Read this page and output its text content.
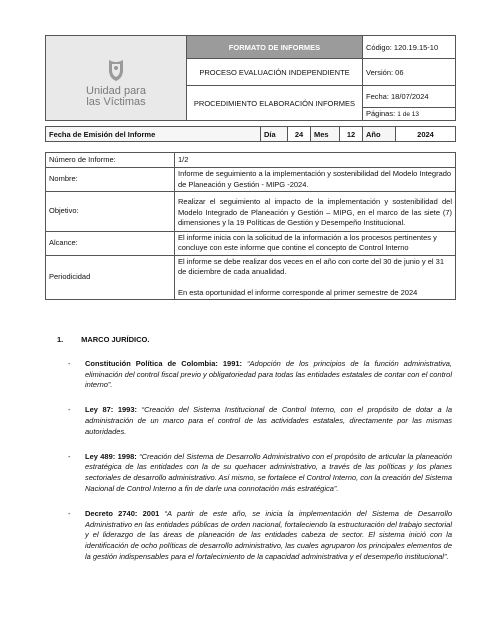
Unidad para
las Víctimas	FORMATO DE INFORMES	Código: 120.19.15-10
	PROCESO EVALUACIÓN INDEPENDIENTE	Versión: 06
	PROCEDIMIENTO ELABORACIÓN INFORMES	Fecha: 18/07/2024
		Páginas: 1 de 13
Fecha de Emisión del Informe	Día	24	Mes	12	Año	2024
Número de Informe:	1/2
Nombre:	Informe de seguimiento a la implementación y sostenibilidad del Modelo Integrado de Planeación y Gestión - MIPG -2024.
Objetivo:	Realizar el seguimiento al impacto de la implementación y sostenibilidad del Modelo Integrado de Planeación y Gestión – MIPG, en el marco de las siete (7) dimensiones y la 19 Políticas de Gestión y Desempeño Institucional.
Alcance:	El informe inicia con la solicitud de la información a los procesos pertinentes y concluye con este informe que contine el concepto de Control Interno
Periodicidad	El informe se debe realizar dos veces en el año con corte del 30 de junio y el 31 de diciembre de cada anualidad.
En esta oportunidad el informe corresponde al primer semestre de 2024
1. MARCO JURÍDICO.
- Constitución Política de Colombia: 1991: “Adopción de los principios de la función administrativa, eliminación del control fiscal previo y obligatoriedad para todas las entidades estatales de contar con el control interno”.
- Ley 87: 1993: “Creación del Sistema Institucional de Control Interno, con el propósito de dotar a la administración de un marco para el control de las actividades estatales, directamente por las mismas autoridades.
- Ley 489: 1998: “Creación del Sistema de Desarrollo Administrativo con el propósito de articular la planeación estratégica de las entidades con la de su quehacer administrativo, a través de las políticas y los planes sectoriales de desarrollo administrativo. Así mismo, se fortalece el Control Interno, con la creación del Sistema Nacional de Control Interno a fin de darle una connotación más estratégica”.
- Decreto 2740: 2001 “A partir de este año, se inicia la implementación del Sistema de Desarrollo Administrativo en las entidades públicas de orden nacional, fortaleciendo la estructuración del trabajo sectorial y el liderazgo de las áreas de planeación de las entidades cabeza de sector. El sistema inició con la identificación de ocho políticas de desarrollo administrativo, las cuales agruparon los principales elementos de la gestión indispensables para el fortalecimiento de la capacidad administrativa y el desempeño institucional”.
